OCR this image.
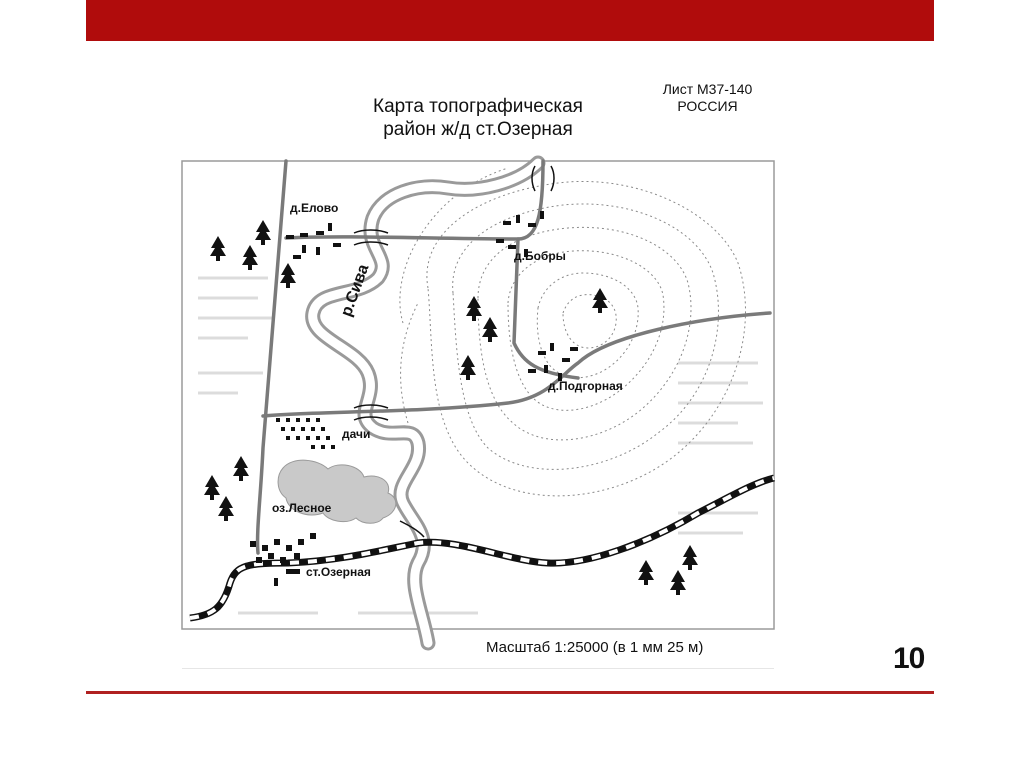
Лист М37-140
РОССИЯ
Карта топографическая
район ж/д ст.Озерная
д.Елово
д.Бобры
д.Подгорная
дачи
оз.Лесное
ст.Озерная
р.Сива
Масштаб 1:25000 (в 1 мм 25 м)	10
